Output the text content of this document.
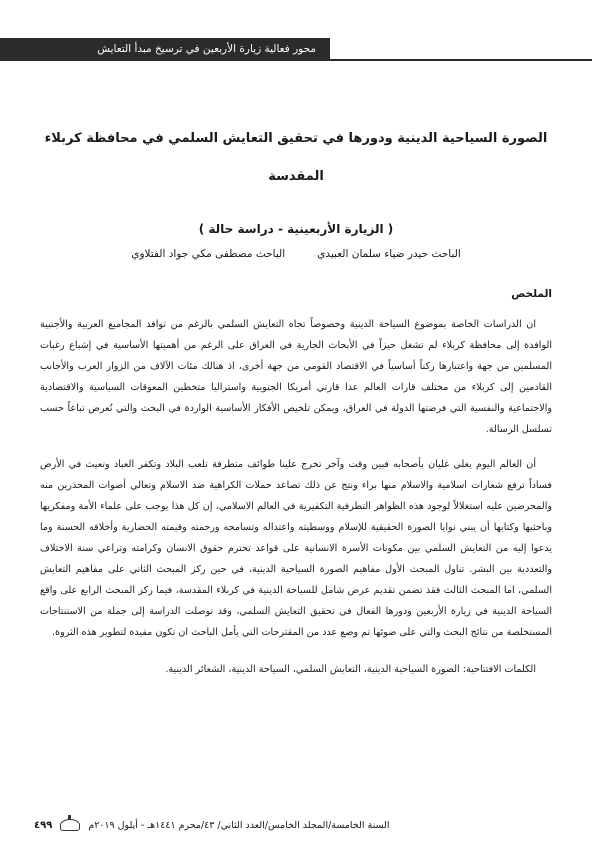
محور فعالية زيارة الأربعين في ترسيخ مبدأ التعايش

الصورة السياحية الدينية ودورها في تحقيق التعايش السلمي في محافظة كربلاء
المقدسة

( الزيارة الأربعينية - دراسة حالة )
الباحث حيدر ضياء سلمان العبيدي
الباحث مصطفى مكي جواد الفتلاوي
الملخص

ان الدراسات الخاصة بموضوع السياحة الدينية وخصوصاً تجاه التعايش السلمي بالرغم من توافد المجاميع العربية والأجنبية الوافدة إلى محافظة كربلاء لم تشغل حيزاً في الأبحاث الجارية في العراق على الرغم من أهميتها الأساسية في إشباع رغبات المسلمين من جهة واعتبارها ركناً أساسياً في الاقتصاد القومي من جهة أخرى، اذ هنالك مئات الآلاف من الزوار العرب والأجانب القادمين إلى كربلاء من مختلف قارات العالم عدا قارتي أمريكا الجنوبية واستراليا متخطين المعوقات السياسية والاقتصادية والاجتماعية والنفسية التي فرضتها الدولة في العراق، ويمكن تلخيص الأفكار الأساسية الواردة في البحث والتي تُعرض تباعاً حسب تسلسل الرسالة.

أن العالم اليوم يغلي غليان بأصحابه فبين وقت وآخر تخرج علينا طوائف متطرفة تلعب البلاد وتكفر العباد وتعيث في الأرض فساداً ترفع شعارات اسلامية والاسلام منها براء ونتج عن ذلك تصاعد حملات الكراهية ضد الاسلام وتعالي أصوات المحذرين منه والمحرضين عليه استغلالاً لوجود هذه الظواهر التطرفية التكفيرية في العالم الاسلامي، إن كل هذا يوجب على علماء الأمة ومفكريها وباحثيها وكتابها أن يبني نوايا الصورة الحقيقية للإسلام ووسطيته واعتداله وتسامحه ورحمته وقيمته الحضارية وأخلاقه الحسنة وما يدعوا إليه من التعايش السلمي بين مكونات الأسرة الانسانية على قواعد تحترم حقوق الانسان وكرامته وتراعي سنة الاختلاف والتعددية بين البشر. تناول المبحث الأول مفاهيم الصورة السياحية الدينية، في حين ركز المبحث الثاني على مفاهيم التعايش السلمي، اما المبحث الثالث فقد تضمن تقديم عرض شامل للسياحة الدينية في كربلاء المقدسة، فيما ركز المبحث الرابع على واقع السياحة الدينية في زيارة الأربعين ودورها الفعال في تحقيق التعايش السلمي، وقد توصلت الدراسة إلى جملة من الاستنتاجات المستخلصة من نتائج البحث والتي على ضوئها تم وضع عدد من المقترحات التي يأمل الباحث ان تكون مفيدة لتطوير هذه الثروة.

الكلمات الافتتاحية: الصورة السياحية الدينية، التعايش السلمي، السياحة الدينية، الشعائر الدينية.
٤٩٩	السنة الخامسة/المجلد الخامس/العدد الثاني/ ٤٣/محرم ١٤٤١هـ - أيلول ٢٠١٩م
